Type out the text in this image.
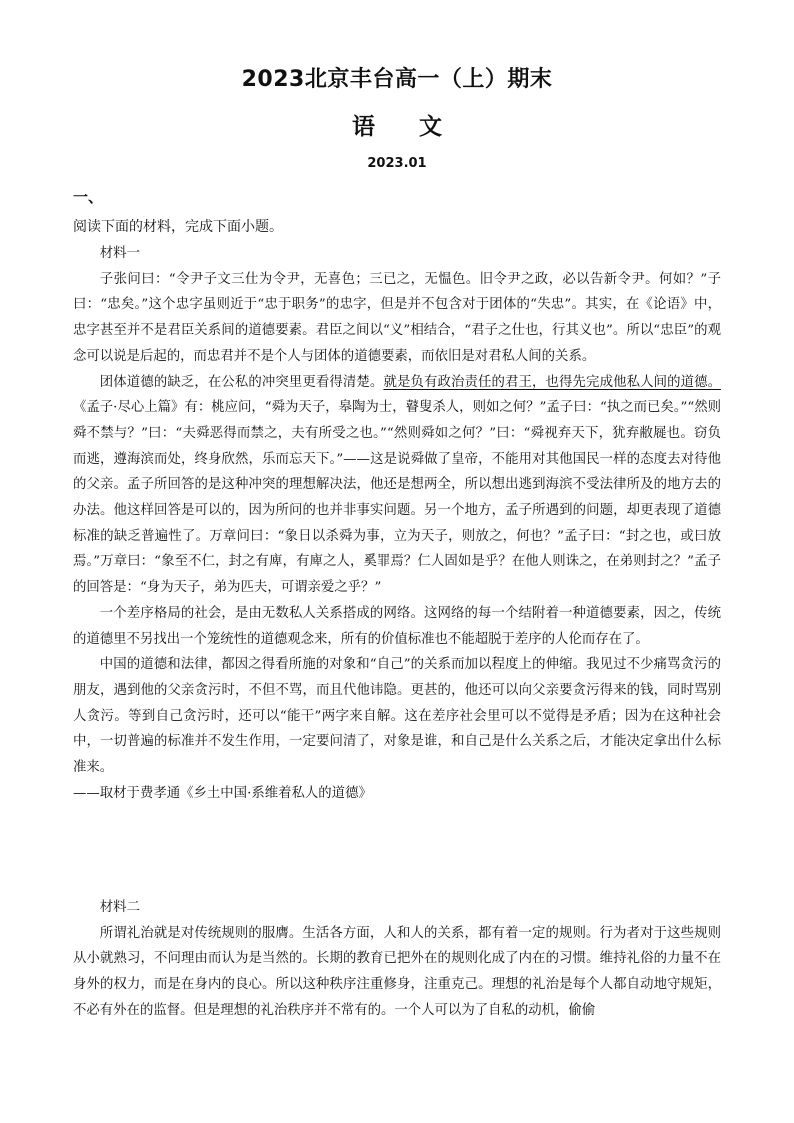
2023北京丰台高一（上）期末
语文
2023.01
一、
阅读下面的材料，完成下面小题。

材料一

子张问曰：“令尹子文三仕为令尹，无喜色；三已之，无愠色。旧令尹之政，必以告新令尹。何如？”子曰：“忠矣。”这个忠字虽则近于“忠于职务”的忠字，但是并不包含对于团体的“失忠”。其实，在《论语》中，忠字甚至并不是君臣关系间的道德要素。君臣之间以“义”相结合，“君子之仕也，行其义也”。所以“忠臣”的观念可以说是后起的，而忠君并不是个人与团体的道德要素，而依旧是对君私人间的关系。

团体道德的缺乏，在公私的冲突里更看得清楚。就是负有政治责任的君王，也得先完成他私人间的道德。《孟子·尽心上篇》有：桃应问，“舜为天子，皋陶为士，瞽叟杀人，则如之何？”孟子曰：“执之而已矣。”“然则舜不禁与？”曰：“夫舜恶得而禁之，夫有所受之也。”“然则舜如之何？”曰：“舜视弃天下，犹弃敝屣也。窃负而逃，遵海滨而处，终身欣然，乐而忘天下。”——这是说舜做了皇帝，不能用对其他国民一样的态度去对待他的父亲。孟子所回答的是这种冲突的理想解决法，他还是想两全，所以想出逃到海滨不受法律所及的地方去的办法。他这样回答是可以的，因为所问的也并非事实问题。另一个地方，孟子所遇到的问题，却更表现了道德标准的缺乏普遍性了。万章问曰：“象日以杀舜为事，立为天子，则放之，何也？”孟子曰：“封之也，或曰放焉。”万章曰：“象至不仁，封之有庳，有庳之人，奚罪焉？仁人固如是乎？在他人则诛之，在弟则封之？”孟子的回答是：“身为天子，弟为匹夫，可谓亲爱之乎？”

一个差序格局的社会，是由无数私人关系搭成的网络。这网络的每一个结附着一种道德要素，因之，传统的道德里不另找出一个笼统性的道德观念来，所有的价值标准也不能超脱于差序的人伦而存在了。

中国的道德和法律，都因之得看所施的对象和“自己”的关系而加以程度上的伸缩。我见过不少痛骂贪污的朋友，遇到他的父亲贪污时，不但不骂，而且代他讳隐。更甚的，他还可以向父亲要贪污得来的钱，同时骂别人贪污。等到自己贪污时，还可以“能干”两字来自解。这在差序社会里可以不觉得是矛盾；因为在这种社会中，一切普遍的标准并不发生作用，一定要问清了，对象是谁，和自己是什么关系之后，才能决定拿出什么标准来。

——取材于费孝通《乡土中国·系维着私人的道德》

材料二

所谓礼治就是对传统规则的服膺。生活各方面，人和人的关系，都有着一定的规则。行为者对于这些规则从小就熟习，不问理由而认为是当然的。长期的教育已把外在的规则化成了内在的习惯。维持礼俗的力量不在身外的权力，而是在身内的良心。所以这种秩序注重修身，注重克己。理想的礼治是每个人都自动地守规矩，不必有外在的监督。但是理想的礼治秩序并不常有的。一个人可以为了自私的动机，偷偷
